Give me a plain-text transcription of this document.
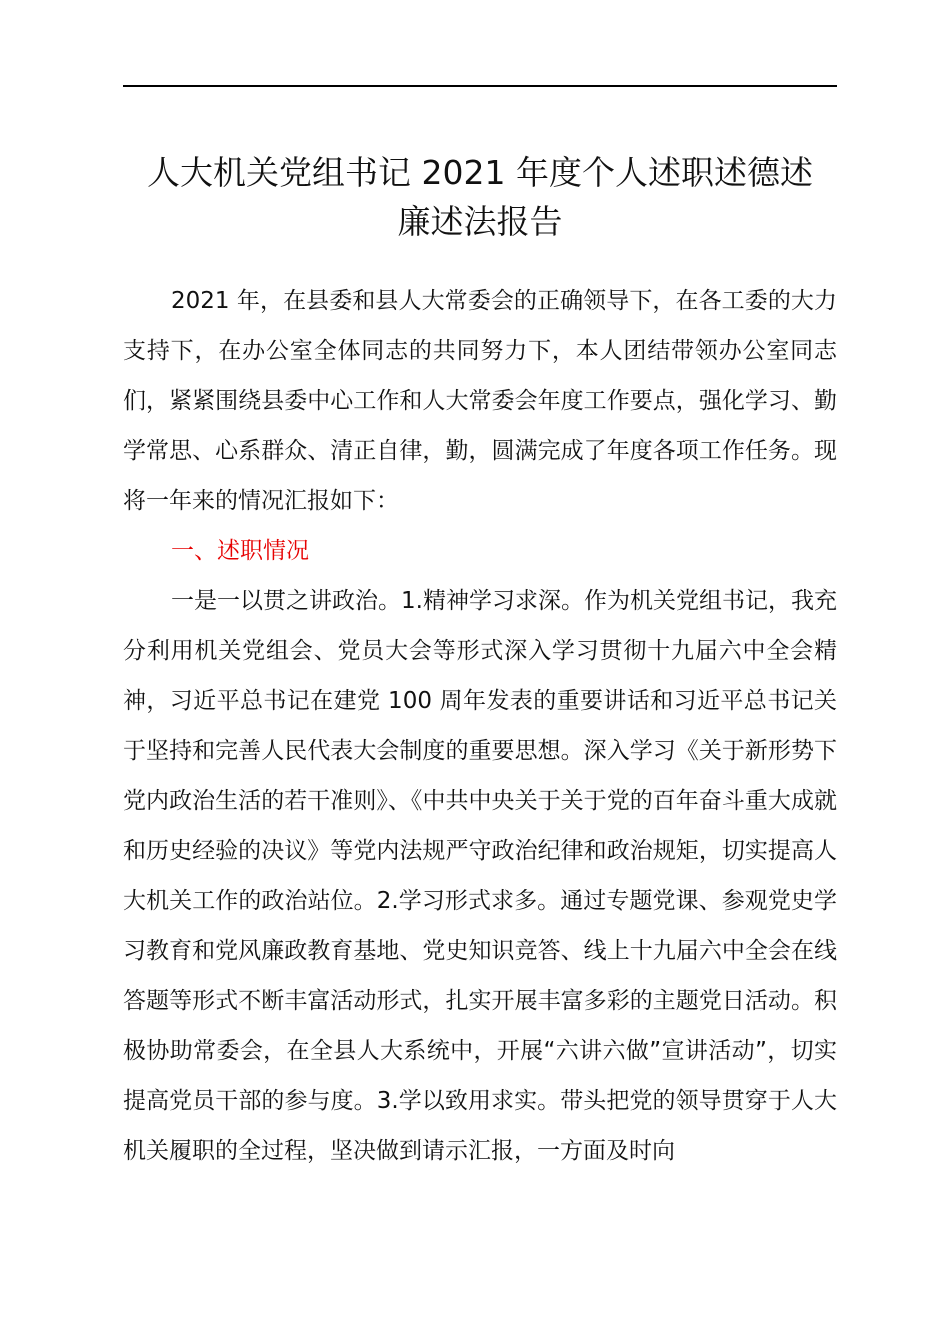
人大机关党组书记 2021 年度个人述职述德述
廉述法报告

2021 年，在县委和县人大常委会的正确领导下，在各工委的大力支持下，在办公室全体同志的共同努力下，本人团结带领办公室同志们，紧紧围绕县委中心工作和人大常委会年度工作要点，强化学习、勤学常思、心系群众、清正自律，勤，圆满完成了年度各项工作任务。现将一年来的情况汇报如下：

一、述职情况

一是一以贯之讲政治。1.精神学习求深。作为机关党组书记，我充分利用机关党组会、党员大会等形式深入学习贯彻十九届六中全会精神，习近平总书记在建党 100 周年发表的重要讲话和习近平总书记关于坚持和完善人民代表大会制度的重要思想。深入学习《关于新形势下党内政治生活的若干准则》、《中共中央关于关于党的百年奋斗重大成就和历史经验的决议》等党内法规严守政治纪律和政治规矩，切实提高人大机关工作的政治站位。2.学习形式求多。通过专题党课、参观党史学习教育和党风廉政教育基地、党史知识竞答、线上十九届六中全会在线答题等形式不断丰富活动形式，扎实开展丰富多彩的主题党日活动。积极协助常委会，在全县人大系统中，开展“六讲六做”宣讲活动”，切实提高党员干部的参与度。3.学以致用求实。带头把党的领导贯穿于人大机关履职的全过程，坚决做到请示汇报，一方面及时向
